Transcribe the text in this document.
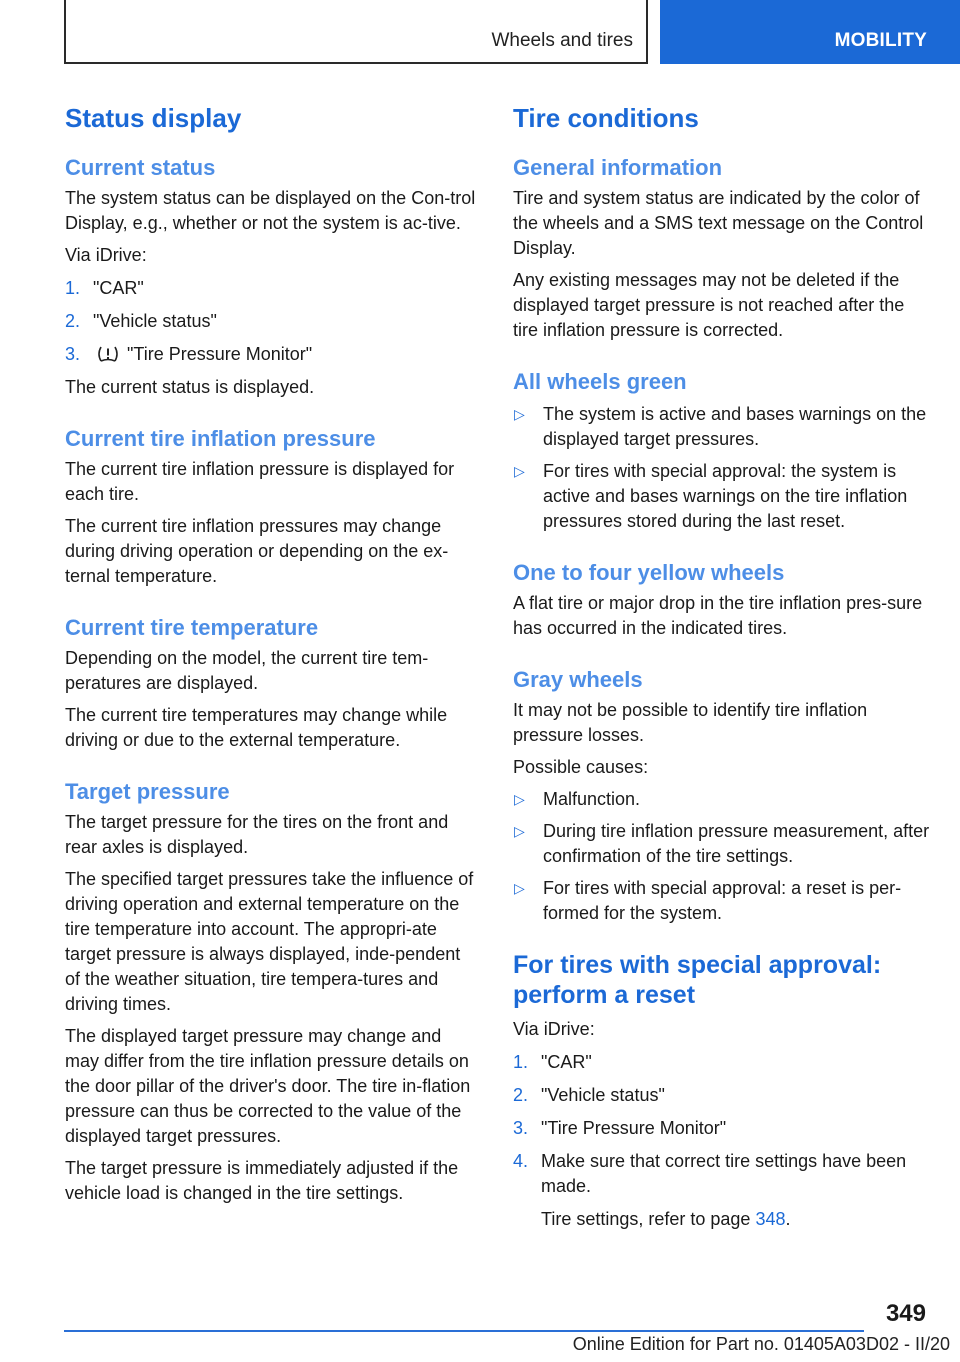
Wheels and tires	MOBILITY
Status display
Current status

The system status can be displayed on the Con-trol Display, e.g., whether or not the system is ac-tive.

Via iDrive:

1. "CAR"
2. "Vehicle status"
3.	"Tire Pressure Monitor"

The current status is displayed.

Current tire inflation pressure

The current tire inflation pressure is displayed for each tire.

The current tire inflation pressures may change during driving operation or depending on the ex-ternal temperature.

Current tire temperature

Depending on the model, the current tire tem-peratures are displayed.

The current tire temperatures may change while driving or due to the external temperature.

Target pressure

The target pressure for the tires on the front and rear axles is displayed.

The specified target pressures take the influence of driving operation and external temperature on the tire temperature into account. The appropri-ate target pressure is always displayed, inde-pendent of the weather situation, tire tempera-tures and driving times.

The displayed target pressure may change and may differ from the tire inflation pressure details on the door pillar of the driver's door. The tire in-flation pressure can thus be corrected to the value of the displayed target pressures.

The target pressure is immediately adjusted if the vehicle load is changed in the tire settings.

Tire conditions
General information

Tire and system status are indicated by the color of the wheels and a SMS text message on the Control Display.

Any existing messages may not be deleted if the displayed target pressure is not reached after the tire inflation pressure is corrected.

All wheels green
▷	The system is active and bases warnings on the displayed target pressures.
▷	For tires with special approval: the system is active and bases warnings on the tire inflation pressures stored during the last reset.
One to four yellow wheels

A flat tire or major drop in the tire inflation pres-sure has occurred in the indicated tires.

Gray wheels

It may not be possible to identify tire inflation pressure losses.

Possible causes:

▷	Malfunction.
▷	During tire inflation pressure measurement, after confirmation of the tire settings.
▷	For tires with special approval: a reset is per-formed for the system.
For tires with special approval:
perform a reset

Via iDrive:

1. "CAR"
2. "Vehicle status"
3. "Tire Pressure Monitor"
4. Make sure that correct tire settings have been made.

Tire settings, refer to page 348.

349
Online Edition for Part no. 01405A03D02 - II/20
